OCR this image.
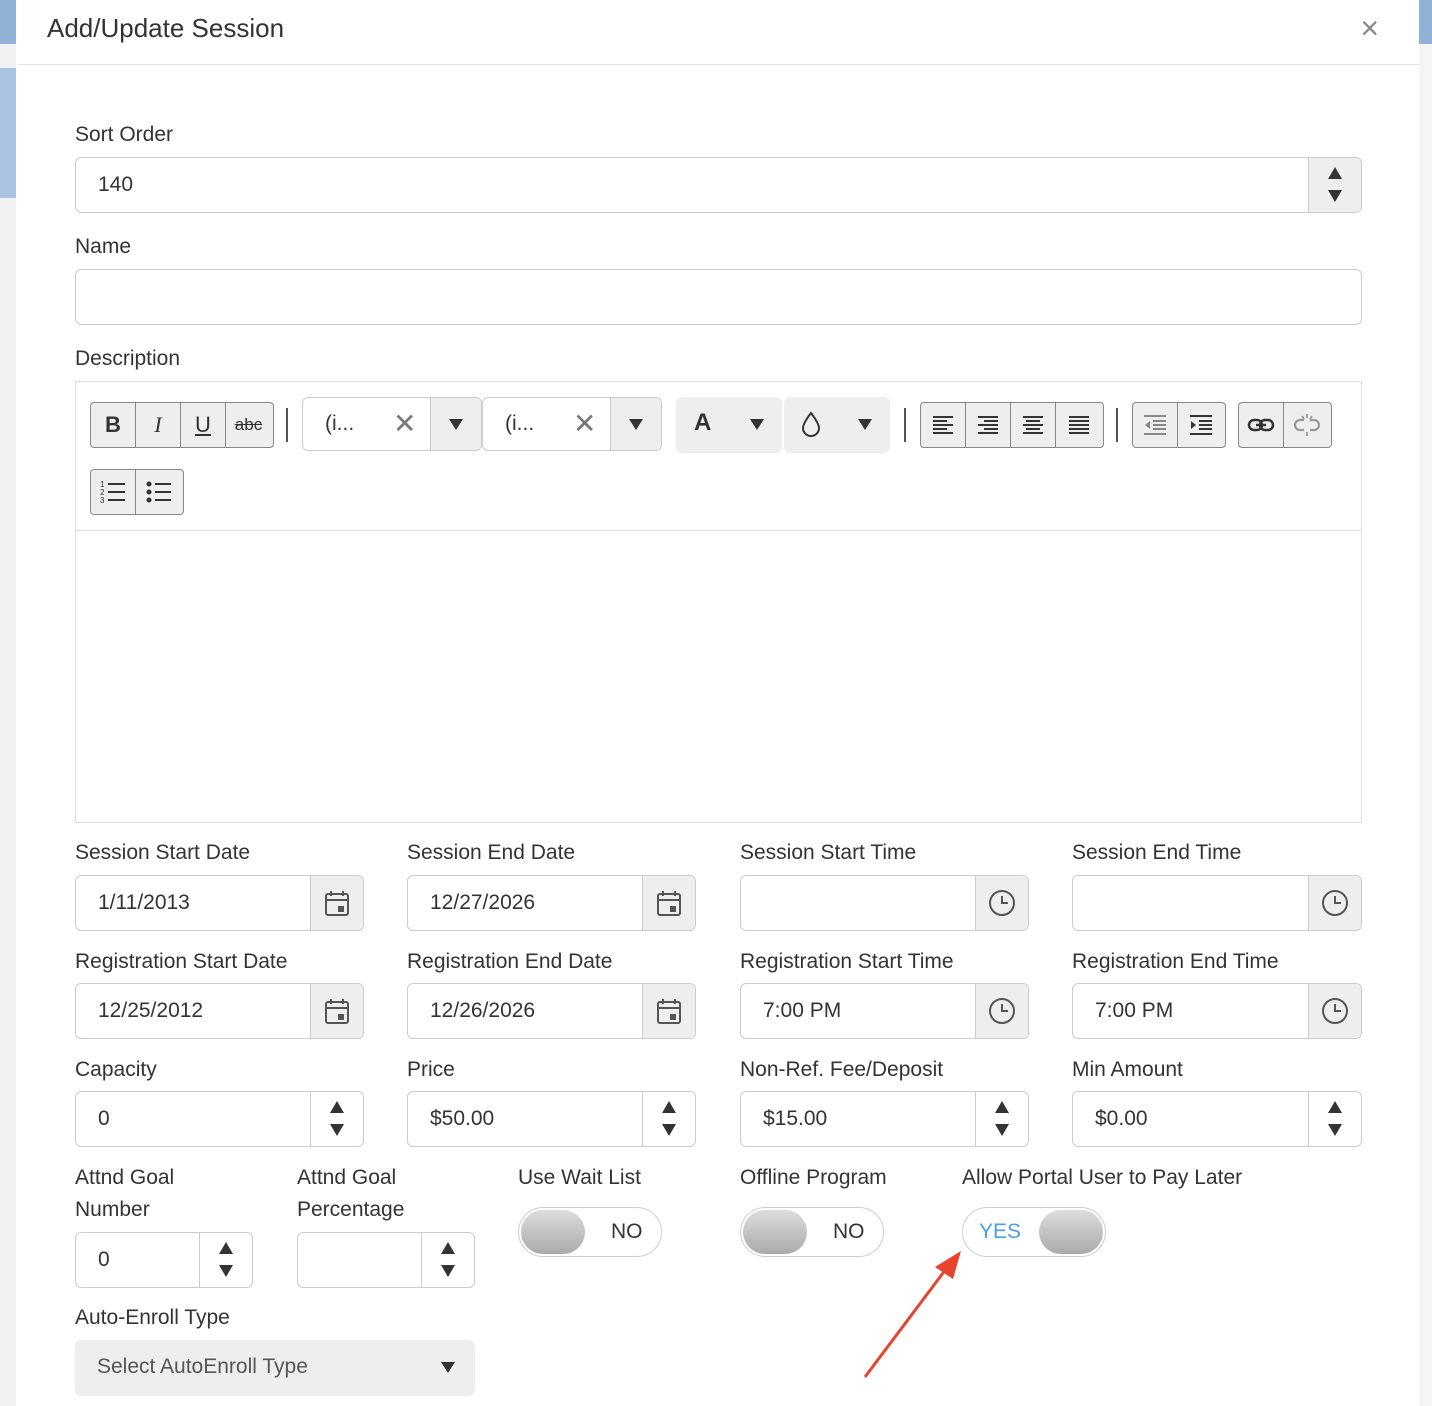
Add/Update Session	×
Sort Order
140
Name
Description
B	I	U	abc	(i... ✕	(i... ✕	A
1
2
3
Session Start Date
1/11/2013
Session End Date
12/27/2026
Session Start Time	Session End Time
Registration Start Date
12/25/2012
Registration End Date
12/26/2026
Registration Start Time
7:00 PM
Registration End Time
7:00 PM
Capacity
0
Price
$50.00
Non-Ref. Fee/Deposit
$15.00
Min Amount
$0.00
Attnd Goal
Number
0
Attnd Goal
Percentage
Use Wait List
NO
Offline Program
NO
Allow Portal User to Pay Later
YES
Auto-Enroll Type
Select AutoEnroll Type
